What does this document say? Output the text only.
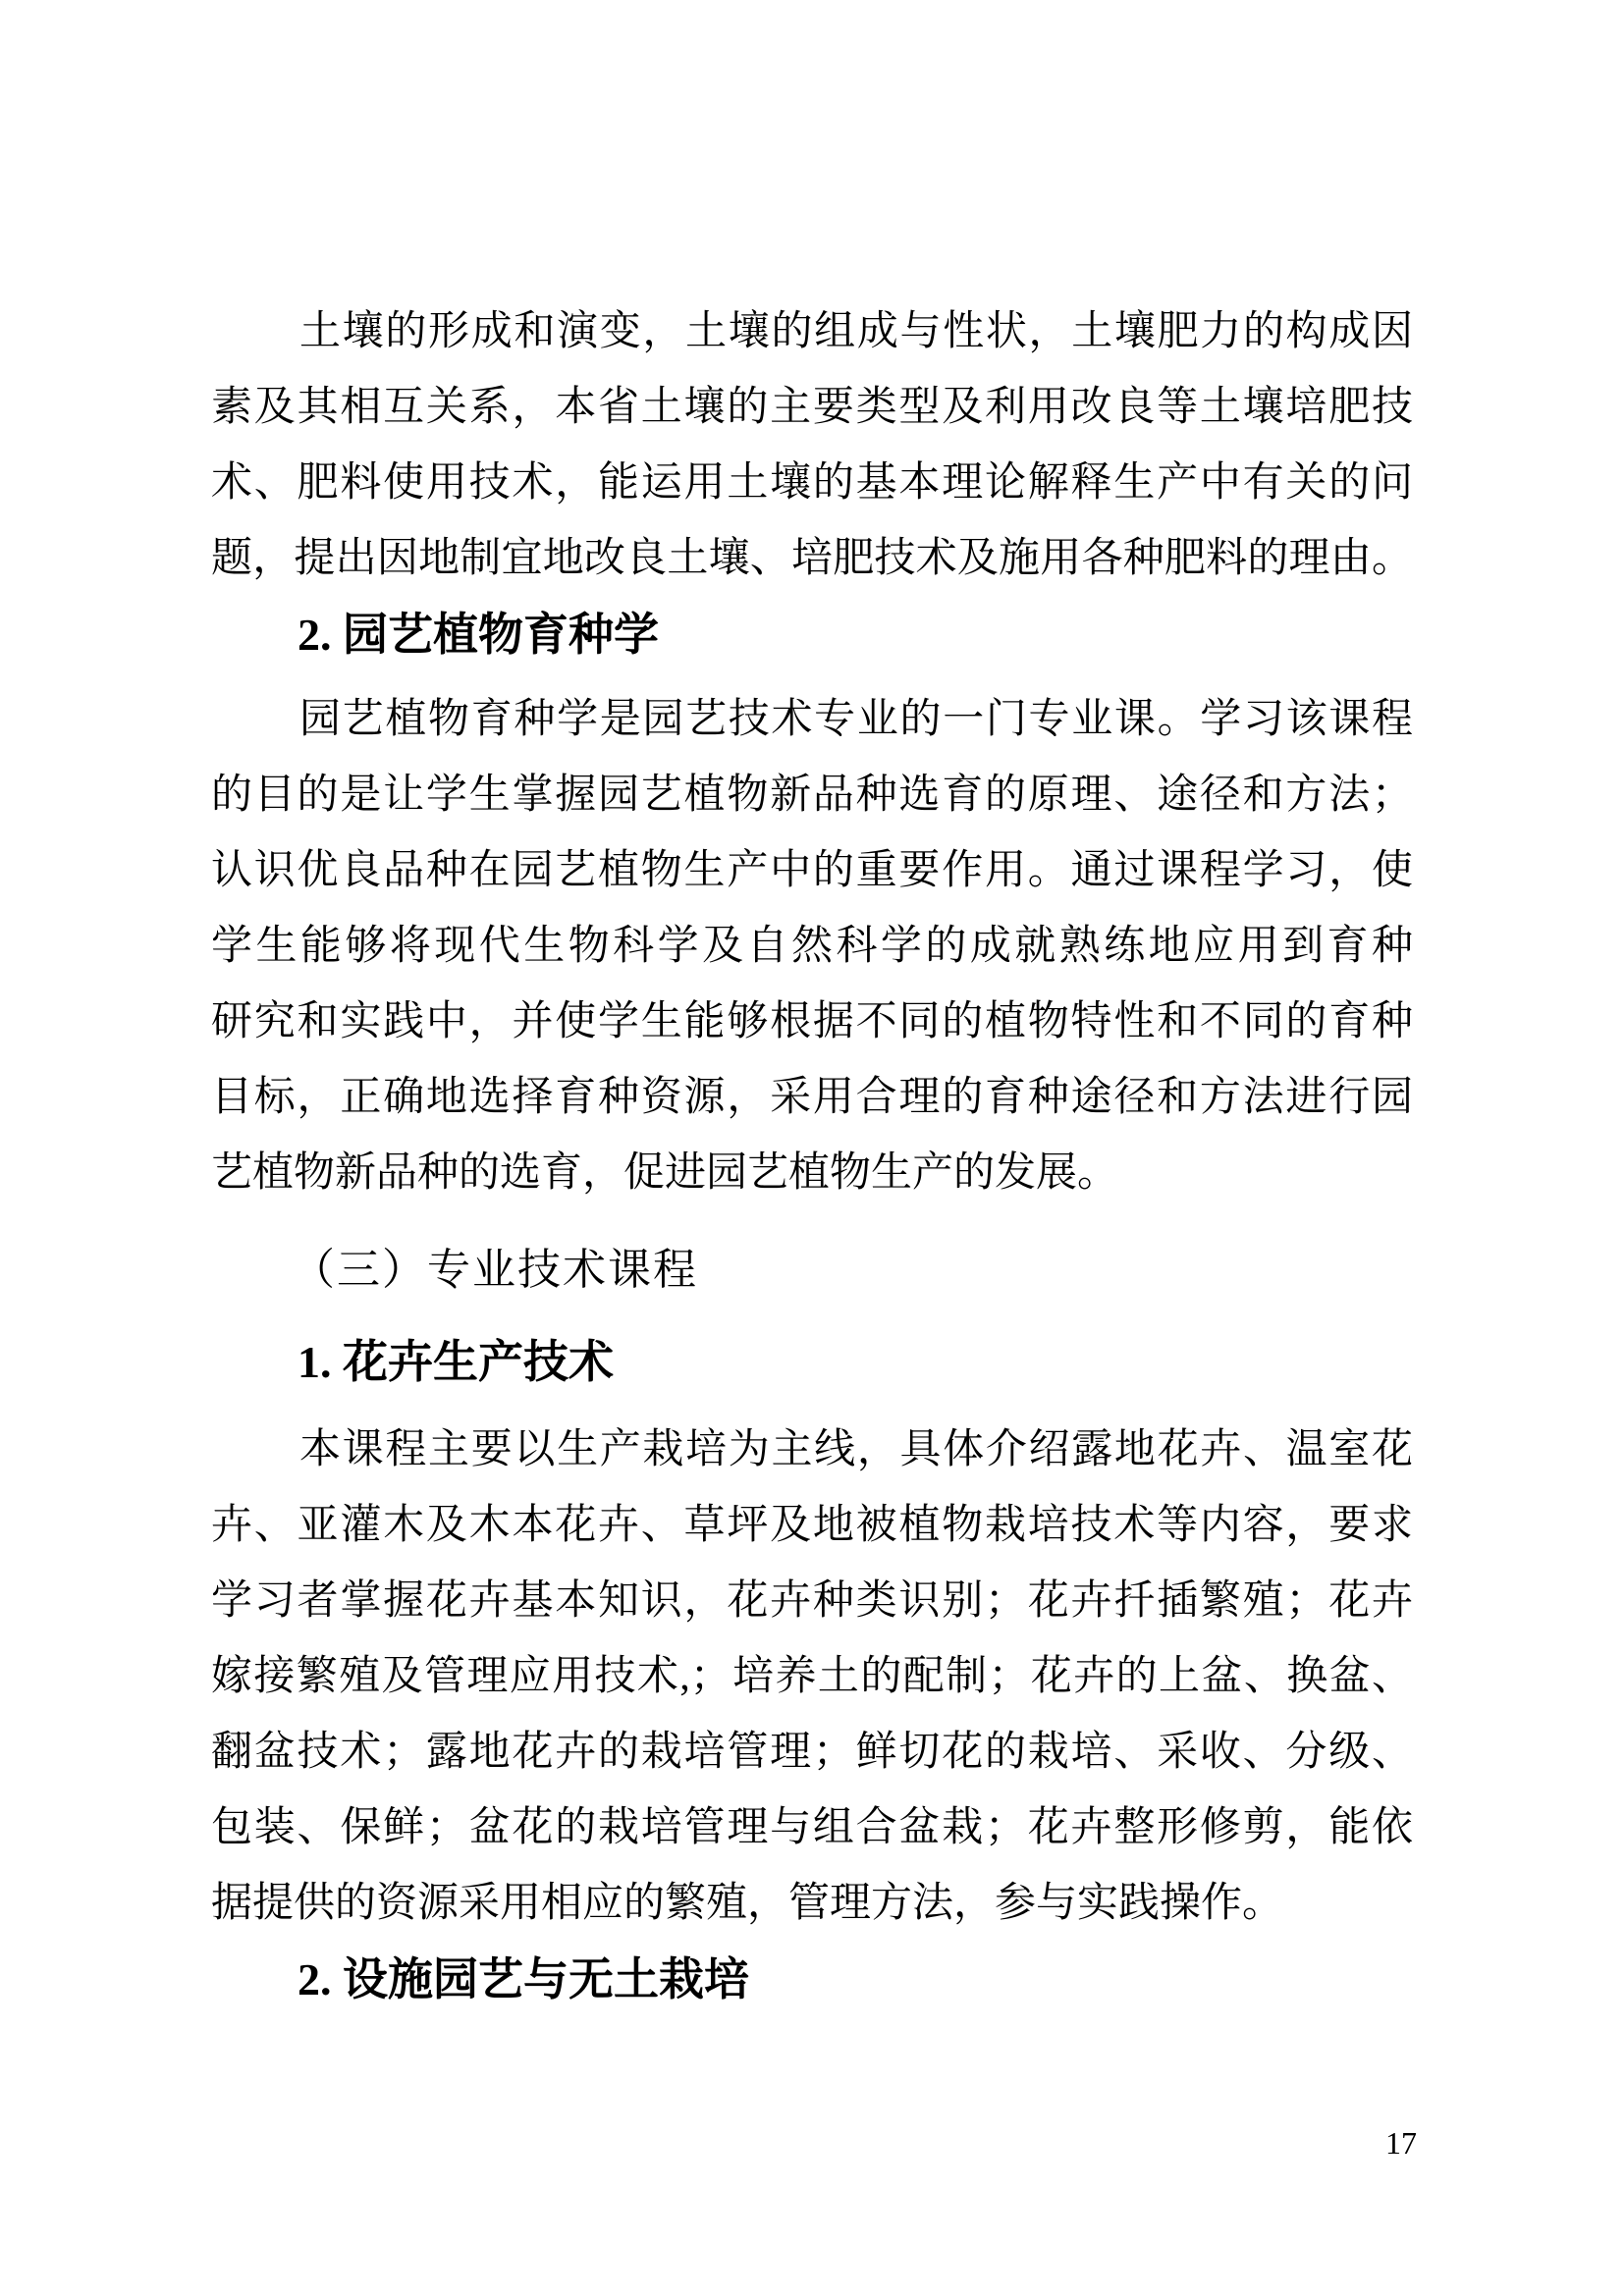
土壤的形成和演变，土壤的组成与性状，土壤肥力的构成因
素及其相互关系，本省土壤的主要类型及利用改良等土壤培肥技
术、肥料使用技术，能运用土壤的基本理论解释生产中有关的问
题，提出因地制宜地改良土壤、培肥技术及施用各种肥料的理由。
2. 园艺植物育种学
园艺植物育种学是园艺技术专业的一门专业课。学习该课程
的目的是让学生掌握园艺植物新品种选育的原理、途径和方法；
认识优良品种在园艺植物生产中的重要作用。通过课程学习，使
学生能够将现代生物科学及自然科学的成就熟练地应用到育种
研究和实践中，并使学生能够根据不同的植物特性和不同的育种
目标，正确地选择育种资源，采用合理的育种途径和方法进行园
艺植物新品种的选育，促进园艺植物生产的发展。
（三）专业技术课程
1. 花卉生产技术
本课程主要以生产栽培为主线，具体介绍露地花卉、温室花
卉、亚灌木及木本花卉、草坪及地被植物栽培技术等内容，要求
学习者掌握花卉基本知识，花卉种类识别；花卉扦插繁殖；花卉
嫁接繁殖及管理应用技术,；培养土的配制；花卉的上盆、换盆、
翻盆技术；露地花卉的栽培管理；鲜切花的栽培、采收、分级、
包装、保鲜；盆花的栽培管理与组合盆栽；花卉整形修剪，能依
据提供的资源采用相应的繁殖，管理方法，参与实践操作。
2. 设施园艺与无土栽培
17
